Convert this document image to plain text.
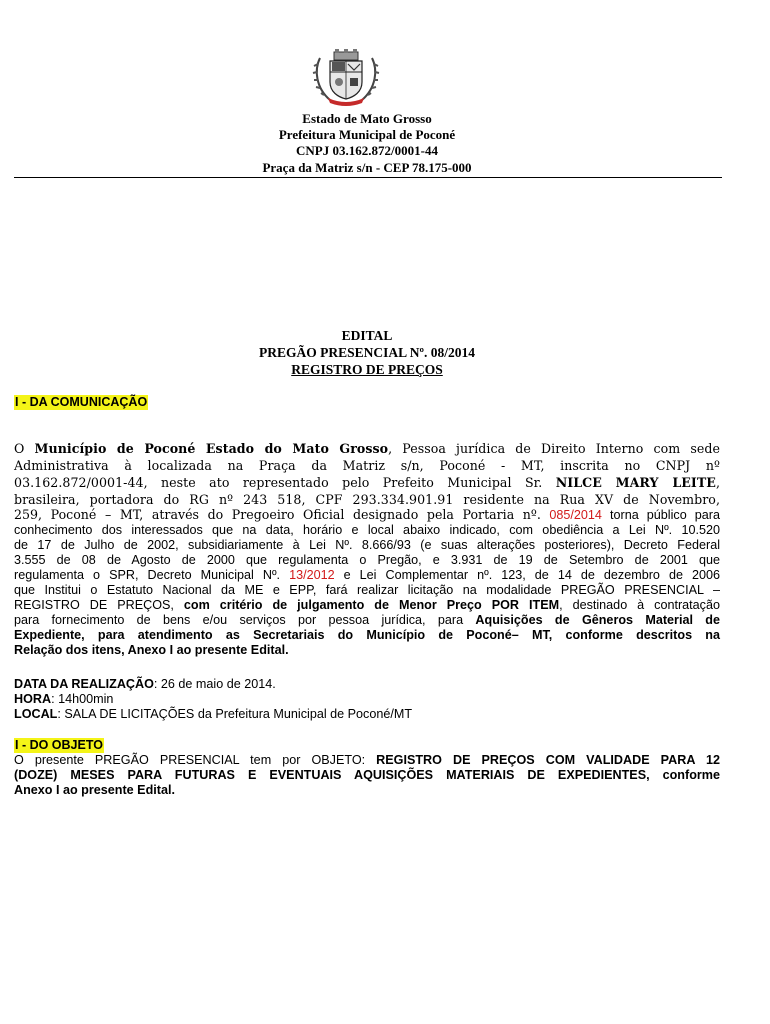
Estado de Mato Grosso
Prefeitura Municipal de Poconé
CNPJ 03.162.872/0001-44
Praça da Matriz s/n - CEP 78.175-000
EDITAL
PREGÃO PRESENCIAL Nº. 08/2014
REGISTRO DE PREÇOS
I - DA COMUNICAÇÃO
O Município de Poconé Estado do Mato Grosso, Pessoa jurídica de Direito Interno com sede
Administrativa à localizada na Praça da Matriz s/n, Poconé - MT, inscrita no CNPJ nº
03.162.872/0001-44, neste ato representado pelo Prefeito Municipal Sr. NILCE MARY LEITE,
brasileira, portadora do RG nº 243 518, CPF 293.334.901.91 residente na Rua XV de Novembro,
259, Poconé – MT, através do Pregoeiro Oficial designado pela Portaria nº. 085/2014 torna público para
conhecimento dos interessados que na data, horário e local abaixo indicado, com obediência a Lei Nº. 10.520
de 17 de Julho de 2002, subsidiariamente à Lei Nº. 8.666/93 (e suas alterações posteriores), Decreto Federal
3.555 de 08 de Agosto de 2000 que regulamenta o Pregão, e 3.931 de 19 de Setembro de 2001 que
regulamenta o SPR, Decreto Municipal Nº. 13/2012 e Lei Complementar nº. 123, de 14 de dezembro de 2006
que Institui o Estatuto Nacional da ME e EPP, fará realizar licitação na modalidade PREGÃO PRESENCIAL –
REGISTRO DE PREÇOS, com critério de julgamento de Menor Preço POR ITEM, destinado à contratação
para fornecimento de bens e/ou serviços por pessoa jurídica, para Aquisições de Gêneros Material de
Expediente, para atendimento as Secretariais do Município de Poconé– MT, conforme descritos na
Relação dos itens, Anexo I ao presente Edital.
DATA DA REALIZAÇÃO: 26 de maio de 2014.
HORA: 14h00min
LOCAL: SALA DE LICITAÇÕES da Prefeitura Municipal de Poconé/MT
I - DO OBJETO
O presente PREGÃO PRESENCIAL tem por OBJETO: REGISTRO DE PREÇOS COM VALIDADE PARA 12
(DOZE) MESES PARA FUTURAS E EVENTUAIS AQUISIÇÕES MATERIAIS DE EXPEDIENTES, conforme
Anexo I ao presente Edital.
